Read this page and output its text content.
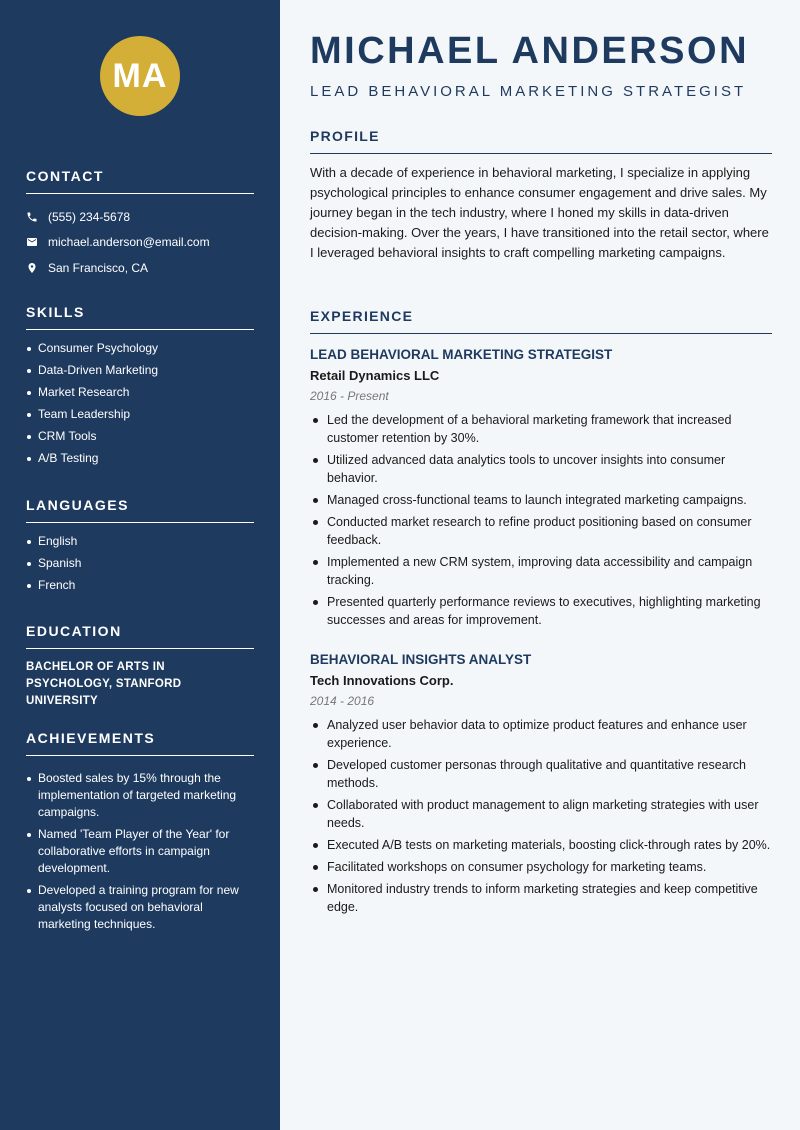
MA
CONTACT
(555) 234-5678
michael.anderson@email.com
San Francisco, CA
SKILLS
Consumer Psychology
Data-Driven Marketing
Market Research
Team Leadership
CRM Tools
A/B Testing
LANGUAGES
English
Spanish
French
EDUCATION
BACHELOR OF ARTS IN PSYCHOLOGY, STANFORD UNIVERSITY
ACHIEVEMENTS
Boosted sales by 15% through the implementation of targeted marketing campaigns.
Named 'Team Player of the Year' for collaborative efforts in campaign development.
Developed a training program for new analysts focused on behavioral marketing techniques.
MICHAEL ANDERSON
LEAD BEHAVIORAL MARKETING STRATEGIST
PROFILE

With a decade of experience in behavioral marketing, I specialize in applying psychological principles to enhance consumer engagement and drive sales. My journey began in the tech industry, where I honed my skills in data-driven decision-making. Over the years, I have transitioned into the retail sector, where I leveraged behavioral insights to craft compelling marketing campaigns.

EXPERIENCE
LEAD BEHAVIORAL MARKETING STRATEGIST
Retail Dynamics LLC
2016 - Present
Led the development of a behavioral marketing framework that increased customer retention by 30%.
Utilized advanced data analytics tools to uncover insights into consumer behavior.
Managed cross-functional teams to launch integrated marketing campaigns.
Conducted market research to refine product positioning based on consumer feedback.
Implemented a new CRM system, improving data accessibility and campaign tracking.
Presented quarterly performance reviews to executives, highlighting marketing successes and areas for improvement.
BEHAVIORAL INSIGHTS ANALYST
Tech Innovations Corp.
2014 - 2016
Analyzed user behavior data to optimize product features and enhance user experience.
Developed customer personas through qualitative and quantitative research methods.
Collaborated with product management to align marketing strategies with user needs.
Executed A/B tests on marketing materials, boosting click-through rates by 20%.
Facilitated workshops on consumer psychology for marketing teams.
Monitored industry trends to inform marketing strategies and keep competitive edge.
